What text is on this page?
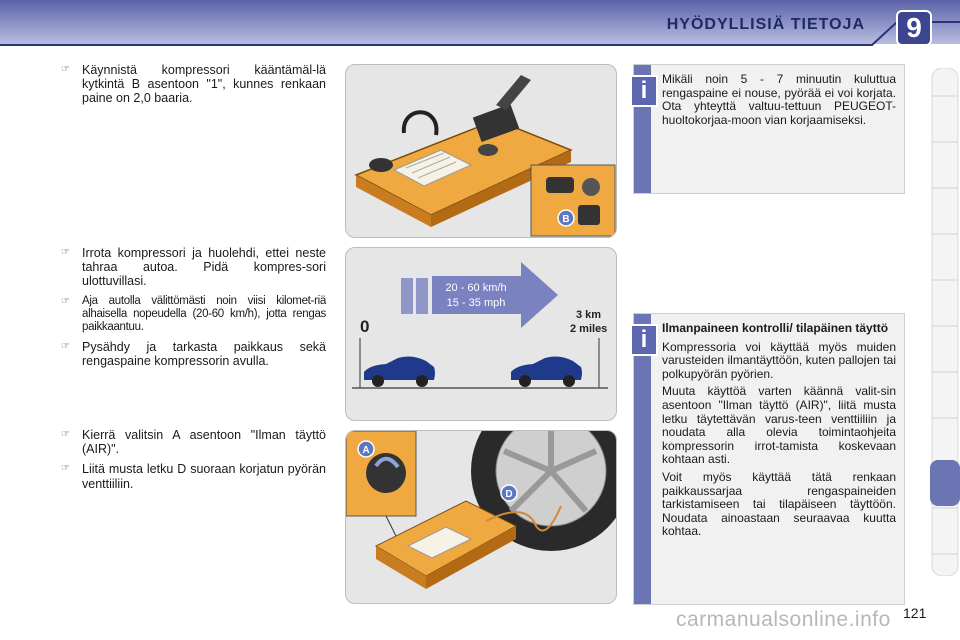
HYÖDYLLISIÄ TIETOJA	9
☞ Käynnistä kompressori kääntämäl-lä kytkintä B asentoon "1", kunnes renkaan paine on 2,0 baaria.
☞ Irrota kompressori ja huolehdi, ettei neste tahraa autoa. Pidä kompres-sori ulottuvillasi.
☞ Aja autolla välittömästi noin viisi kilomet-riä alhaisella nopeudella (20-60 km/h), jotta rengas paikkaantuu.
☞ Pysähdy ja tarkasta paikkaus sekä rengaspaine kompressorin avulla.
☞ Kierrä valitsin A asentoon "Ilman täyttö (AIR)".
☞ Liitä musta letku D suoraan korjatun pyörän venttiiliin.
B
20 - 60 km/h
15 - 35 mph
0
3 km
2 miles
A
D
i	Mikäli noin 5 - 7 minuutin kuluttua rengaspaine ei nouse, pyörää ei voi korjata. Ota yhteyttä valtuu-tettuun PEUGEOT-huoltokorjaa-moon vian korjaamiseksi.

i	Ilmanpaineen kontrolli/ tilapäinen täyttö

Kompressoria voi käyttää myös muiden varusteiden ilmantäyttöön, kuten pallojen tai polkupyörän pyörien.

Muuta käyttöä varten käännä valit-sin asentoon "Ilman täyttö (AIR)", liitä musta letku täytettävän varus-teen venttiiliin ja noudata alla olevia toimintaohjeita kompressorin irrot-tamista koskevaan kohtaan asti.

Voit myös käyttää tätä renkaan paikkaussarjaa rengaspaineiden tarkistamiseen tai tilapäiseen täyttöön. Noudata ainoastaan seuraavaa kuutta kohtaa.

carmanualsonline.info 121
